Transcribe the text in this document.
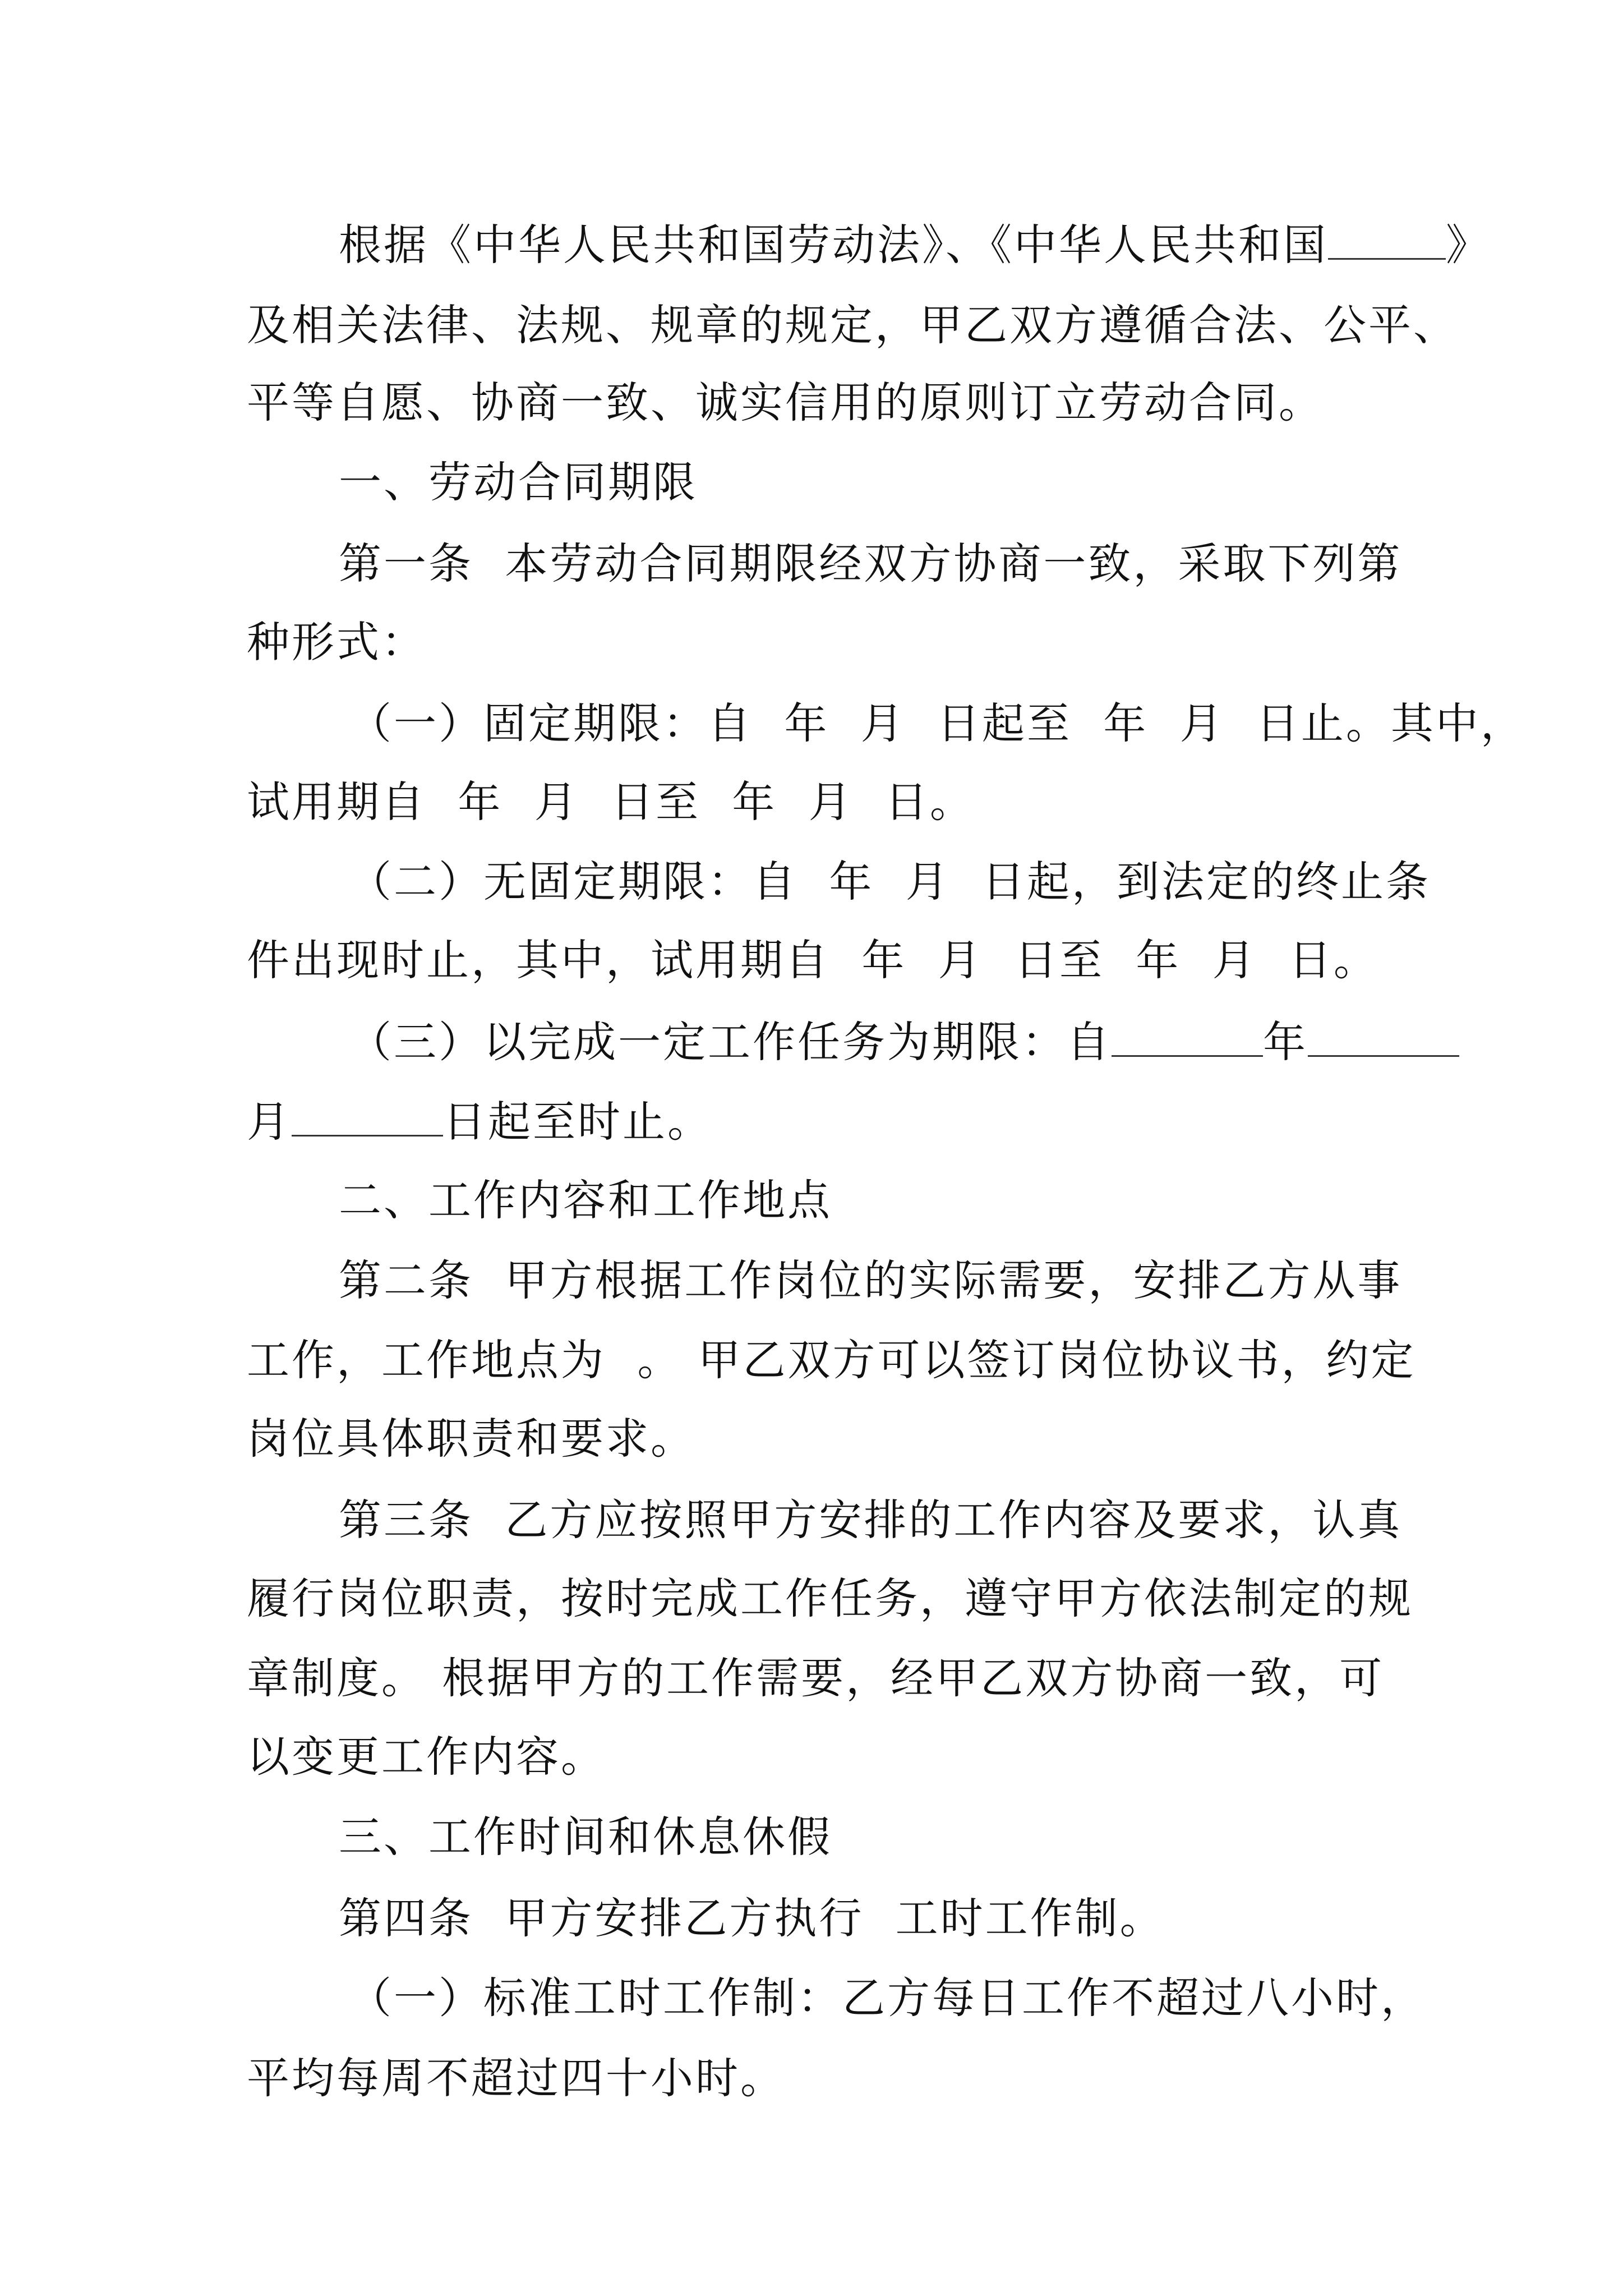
根据《中华人民共和国劳动法》、《中华人民共和国	》
及相关法律、法规、规章的规定，甲乙双方遵循合法、公平、
平等自愿、协商一致、诚实信用的原则订立劳动合同。
一、劳动合同期限
第一条  本劳动合同期限经双方协商一致，采取下列第
种形式：
（一）固定期限：自  年  月  日起至  年  月  日止。其中，
试用期自  年  月  日至  年  月  日。
（二）无固定期限：自  年  月  日起，到法定的终止条
件出现时止，其中，试用期自  年  月  日至  年  月  日。
（三）以完成一定工作任务为期限：自	年
月	日起至时止。
二、工作内容和工作地点
第二条  甲方根据工作岗位的实际需要，安排乙方从事
工作，工作地点为  。 甲乙双方可以签订岗位协议书，约定
岗位具体职责和要求。
第三条  乙方应按照甲方安排的工作内容及要求，认真
履行岗位职责，按时完成工作任务，遵守甲方依法制定的规
章制度。 根据甲方的工作需要，经甲乙双方协商一致，可
以变更工作内容。
三、工作时间和休息休假
第四条  甲方安排乙方执行  工时工作制。
（一）标准工时工作制：乙方每日工作不超过八小时，
平均每周不超过四十小时。
